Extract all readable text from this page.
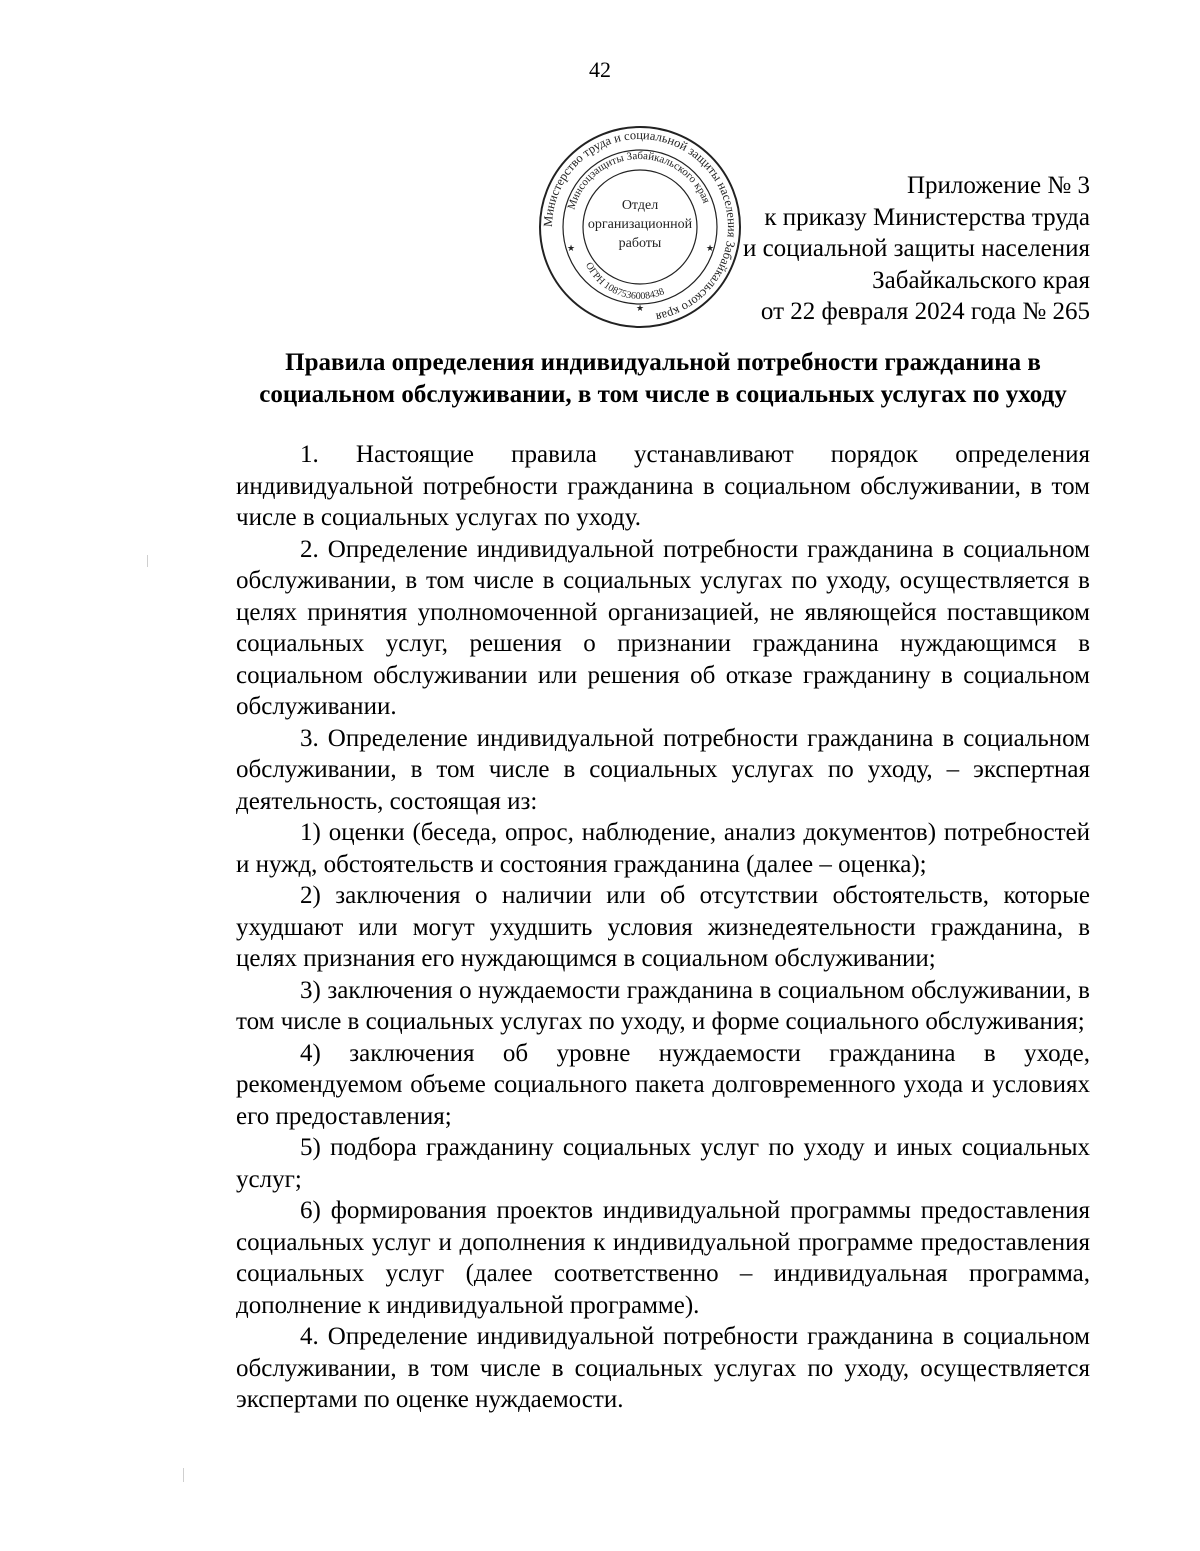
42
Министерство труда и социальной защиты населения Забайкальского края
Минсоцзащиты Забайкальского края
ОГРН 1087536008438
Отдел
организационной
работы
★	★
★
Приложение № 3
к приказу Министерства труда
и социальной защиты населения
Забайкальского края
от 22 февраля 2024 года № 265
Правила определения индивидуальной потребности гражданина в
социальном обслуживании, в том числе в социальных услугах по уходу

1. Настоящие правила устанавливают порядок определения индивидуальной потребности гражданина в социальном обслуживании, в том числе в социальных услугах по уходу.

2. Определение индивидуальной потребности гражданина в социальном обслуживании, в том числе в социальных услугах по уходу, осуществляется в целях принятия уполномоченной организацией, не являющейся поставщиком социальных услуг, решения о признании гражданина нуждающимся в социальном обслуживании или решения об отказе гражданину в социальном обслуживании.

3. Определение индивидуальной потребности гражданина в социальном обслуживании, в том числе в социальных услугах по уходу, – экспертная деятельность, состоящая из:

1) оценки (беседа, опрос, наблюдение, анализ документов) потребностей и нужд, обстоятельств и состояния гражданина (далее – оценка);

2) заключения о наличии или об отсутствии обстоятельств, которые ухудшают или могут ухудшить условия жизнедеятельности гражданина, в целях признания его нуждающимся в социальном обслуживании;

3) заключения о нуждаемости гражданина в социальном обслуживании, в том числе в социальных услугах по уходу, и форме социального обслуживания;

4) заключения об уровне нуждаемости гражданина в уходе, рекомендуемом объеме социального пакета долговременного ухода и условиях его предоставления;

5) подбора гражданину социальных услуг по уходу и иных социальных услуг;

6) формирования проектов индивидуальной программы предоставления социальных услуг и дополнения к индивидуальной программе предоставления социальных услуг (далее соответственно – индивидуальная программа, дополнение к индивидуальной программе).

4. Определение индивидуальной потребности гражданина в социальном обслуживании, в том числе в социальных услугах по уходу, осуществляется экспертами по оценке нуждаемости.
